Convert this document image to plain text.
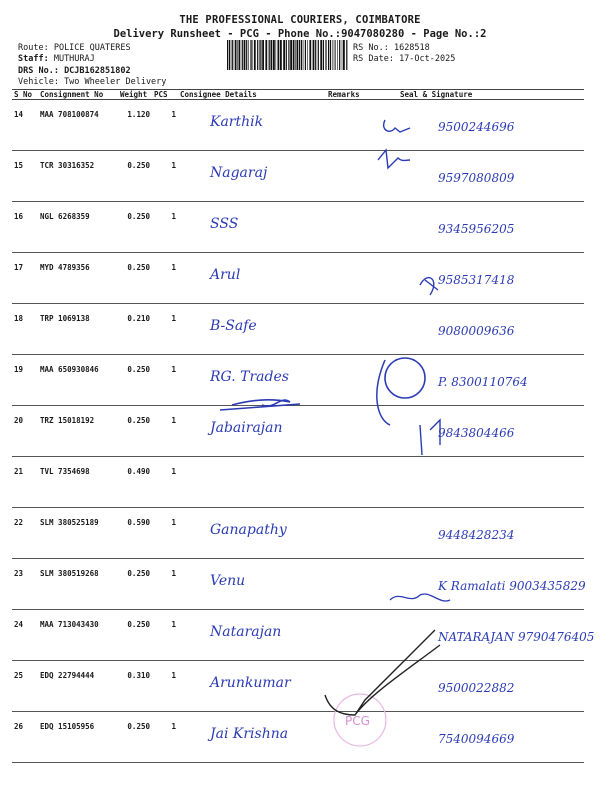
THE PROFESSIONAL COURIERS, COIMBATORE
Delivery Runsheet - PCG - Phone No.:9047080280 - Page No.:2
Route: POLICE QUATERES
Staff: MUTHURAJ
DRS No.: DCJB162851802
Vehicle: Two Wheeler Delivery
RS No.: 1628518
RS Date: 17-Oct-2025
S No	Consignment No	Weight	PCS	Consignee Details	Remarks	Seal & Signature
14	MAA 708100874	1.120	1	Karthik		9500244696
15	TCR 30316352	0.250	1	Nagaraj		9597080809
16	NGL 6268359	0.250	1	SSS		9345956205
17	MYD 4789356	0.250	1	Arul		9585317418
18	TRP 1069138	0.210	1	B-Safe		9080009636
19	MAA 650930846	0.250	1	RG. Trades		P. 8300110764
20	TRZ 15018192	0.250	1	Jabairajan		9843804466
21	TVL 7354698	0.490	1			
22	SLM 380525189	0.590	1	Ganapathy		9448428234
23	SLM 380519268	0.250	1	Venu		K Ramalati 9003435829
24	MAA 713043430	0.250	1	Natarajan		NATARAJAN 9790476405
25	EDQ 22794444	0.310	1	Arunkumar		9500022882
26	EDQ 15105956	0.250	1	Jai Krishna		7540094669
PCG
